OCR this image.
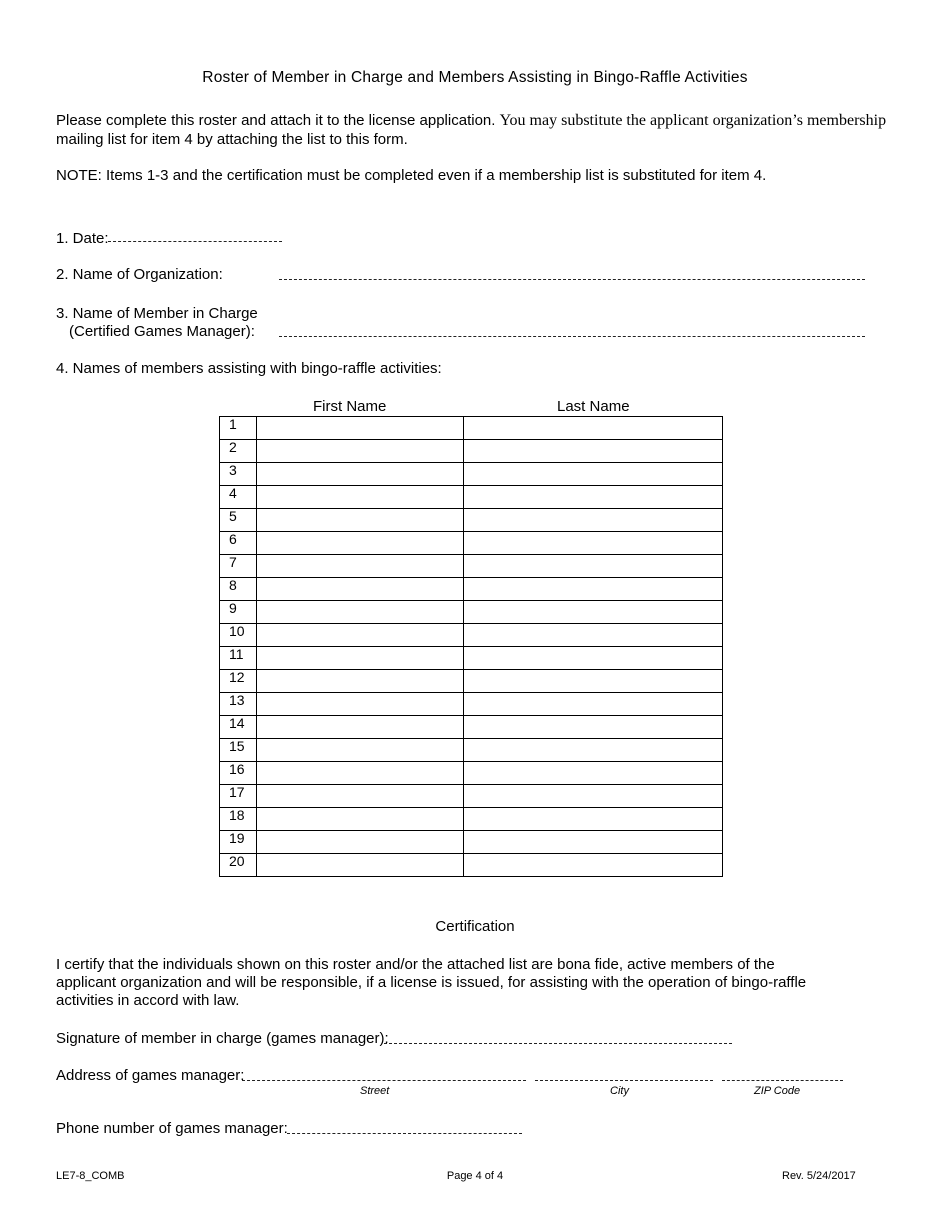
Roster of Member in Charge and Members Assisting in Bingo-Raffle Activities
Please complete this roster and attach it to the license application. You may substitute the applicant organization’s membership
mailing list for item 4 by attaching the list to this form.
NOTE: Items 1-3 and the certification must be completed even if a membership list is substituted for item 4.
1. Date:
2. Name of Organization:
3. Name of Member in Charge
(Certified Games Manager):
4. Names of members assisting with bingo-raffle activities:
First Name	Last Name
1		
2		
3		
4		
5		
6		
7		
8		
9		
10		
11		
12		
13		
14		
15		
16		
17		
18		
19		
20		
Certification
I certify that the individuals shown on this roster and/or the attached list are bona fide, active members of the
applicant organization and will be responsible, if a license is issued, for assisting with the operation of bingo-raffle
activities in accord with law.
Signature of member in charge (games manager):
Address of games manager:
Street	City	ZIP Code
Phone number of games manager:
LE7-8_COMB	Page 4 of 4	Rev. 5/24/2017
